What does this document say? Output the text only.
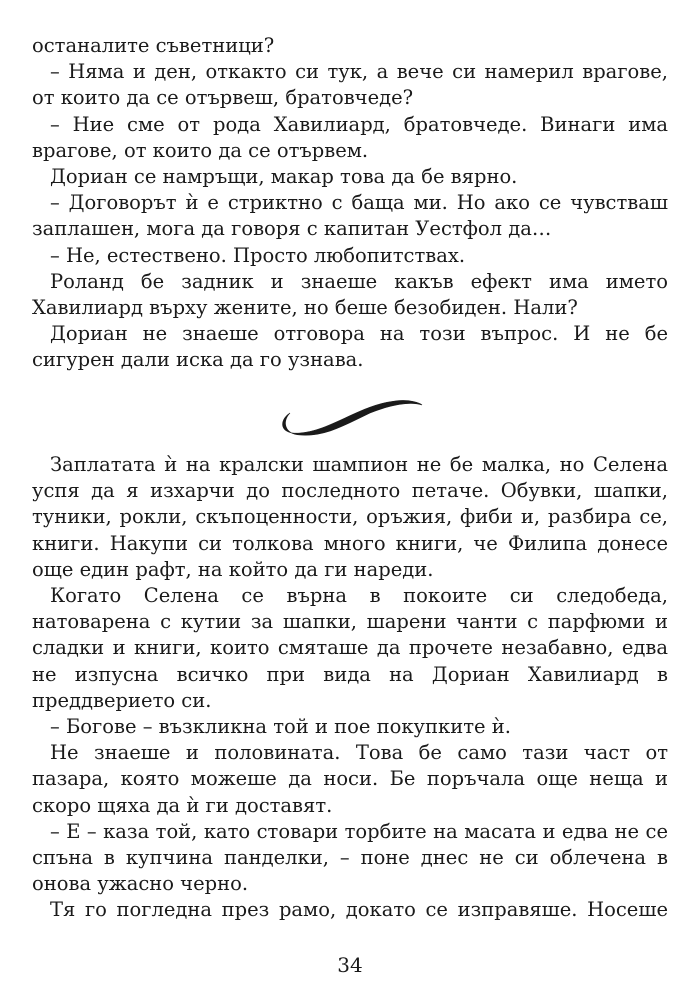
останалите съветници?

– Няма и ден, откакто си тук, а вече си намерил врагове, от които да се отървеш, братовчеде?

– Ние сме от рода Хавилиард, братовчеде. Винаги има врагове, от които да се отървем.

Дориан се намръщи, макар това да бе вярно.

– Договорът ѝ е стриктно с баща ми. Но ако се чувстваш заплашен, мога да говоря с капитан Уестфол да…

– Не, естествено. Просто любопитствах.

Роланд бе задник и знаеше какъв ефект има името Хавилиард върху жените, но беше безобиден. Нали?

Дориан не знаеше отговора на този въпрос. И не бе сигурен дали иска да го узнава.

Заплатата ѝ на кралски шампион не бе малка, но Селена успя да я изхарчи до последното петаче. Обувки, шапки, туники, рокли, скъпоценности, оръжия, фиби и, разбира се, книги. Накупи си толкова много книги, че Филипа донесе още един рафт, на който да ги нареди.

Когато Селена се върна в покоите си следобеда, натоварена с кутии за шапки, шарени чанти с парфюми и сладки и книги, които смяташе да прочете незабавно, едва не изпусна всичко при вида на Дориан Хавилиард в преддверието си.

– Богове – възкликна той и пое покупките ѝ.

Не знаеше и половината. Това бе само тази част от пазара, която можеше да носи. Бе поръчала още неща и скоро щяха да ѝ ги доставят.

– Е – каза той, като стовари торбите на масата и едва не се спъна в купчина панделки, – поне днес не си облечена в онова ужасно черно.

Тя го погледна през рамо, докато се изправяше. Носеше

34
